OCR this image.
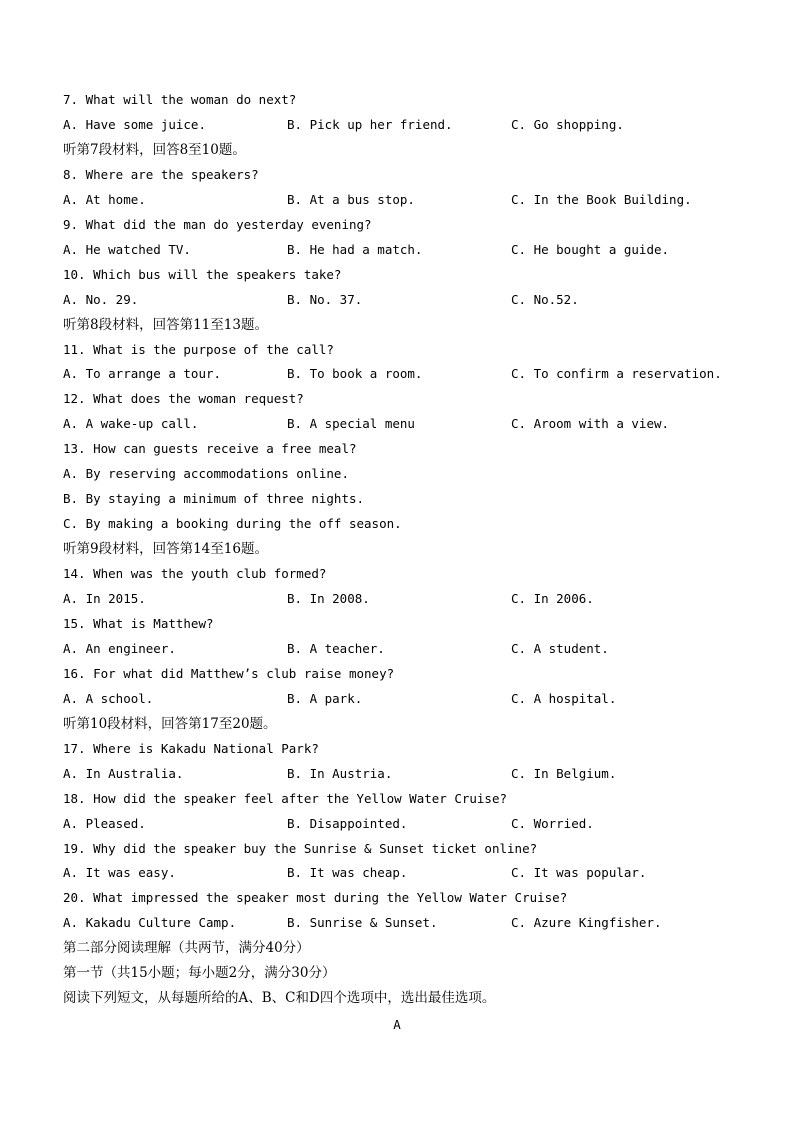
7. What will the woman do next?
A. Have some juice.	B. Pick up her friend.	C. Go shopping.
听第7段材料，回答8至10题。
8. Where are the speakers?
A. At home.	B. At a bus stop.	C. In the Book Building.
9. What did the man do yesterday evening?
A. He watched TV.	B. He had a match.	C. He bought a guide.
10. Which bus will the speakers take?
A. No. 29.	B. No. 37.	C. No.52.
听第8段材料，回答第11至13题。
11. What is the purpose of the call?
A. To arrange a tour.	B. To book a room.	C. To confirm a reservation.
12. What does the woman request?
A. A wake-up call.	B. A special menu	C. Aroom with a view.
13. How can guests receive a free meal?
A. By reserving accommodations online.
B. By staying a minimum of three nights.
C. By making a booking during the off season.
听第9段材料，回答第14至16题。
14. When was the youth club formed?
A. In 2015.	B. In 2008.	C. In 2006.
15. What is Matthew?
A. An engineer.	B. A teacher.	C. A student.
16. For what did Matthew’s club raise money?
A. A school.	B. A park.	C. A hospital.
听第10段材料，回答第17至20题。
17. Where is Kakadu National Park?
A. In Australia.	B. In Austria.	C. In Belgium.
18. How did the speaker feel after the Yellow Water Cruise?
A. Pleased.	B. Disappointed.	C. Worried.
19. Why did the speaker buy the Sunrise & Sunset ticket online?
A. It was easy.	B. It was cheap.	C. It was popular.
20. What impressed the speaker most during the Yellow Water Cruise?
A. Kakadu Culture Camp.	B. Sunrise & Sunset.	C. Azure Kingfisher.
第二部分阅读理解（共两节，满分40分）
第一节（共15小题；每小题2分，满分30分）
阅读下列短文，从每题所给的A、B、C和D四个选项中，选出最佳选项。
A
